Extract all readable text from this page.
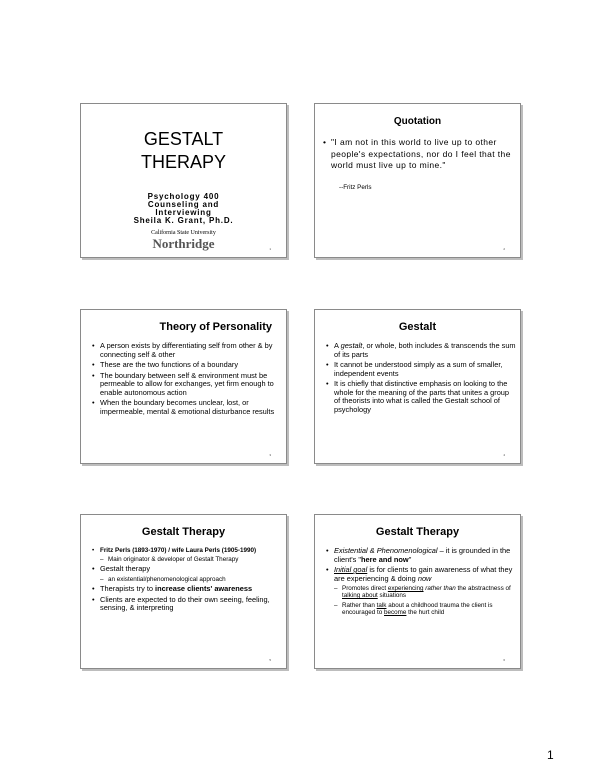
GESTALT
THERAPY
Psychology 400
Counseling and
Interviewing
Sheila K. Grant, Ph.D.
California State University
Northridge	1
Quotation
• "I am not in this world to live up to other people's expectations, nor do I feel that the world must live up to mine."
--Fritz Perls
2
Theory of Personality
• A person exists by differentiating self from other & by connecting self & other
• These are the two functions of a boundary
• The boundary between self & environment must be permeable to allow for exchanges, yet firm enough to enable autonomous action
• When the boundary becomes unclear, lost, or impermeable, mental & emotional disturbance results
3
Gestalt
• A gestalt, or whole, both includes & transcends the sum of its parts
• It cannot be understood simply as a sum of smaller, independent events
• It is chiefly that distinctive emphasis on looking to the whole for the meaning of the parts that unites a group of theorists into what is called the Gestalt school of psychology
4
Gestalt Therapy
• Fritz Perls (1893-1970) / wife Laura Perls (1905-1990)
– Main originator & developer of Gestalt Therapy
• Gestalt therapy
– an existential/phenomenological approach
• Therapists try to increase clients' awareness
• Clients are expected to do their own seeing, feeling, sensing, & interpreting
5
Gestalt Therapy
• Existential & Phenomenological – it is grounded in the client's "here and now"
• Initial goal is for clients to gain awareness of what they are experiencing & doing now
– Promotes direct experiencing rather than the abstractness of talking about situations
– Rather than talk about a childhood trauma the client is encouraged to become the hurt child
6
1
